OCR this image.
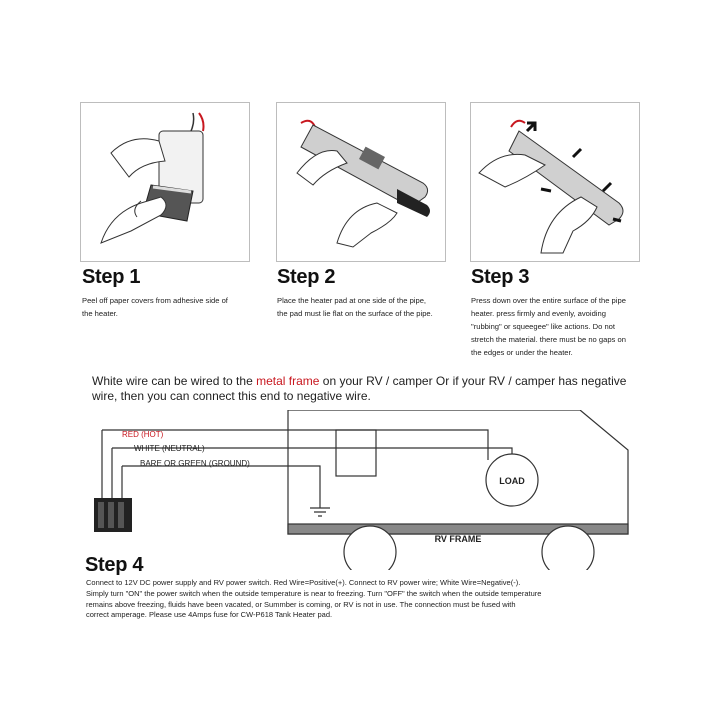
Step 1
Peel off paper covers from adhesive side of
the heater.
Step 2
Place the heater pad at one side of the pipe,
the pad must lie flat on the surface of the pipe.
Step 3
Press down over the entire surface of the pipe
heater. press firmly and evenly, avoiding
"rubbing" or squeegee" like actions. Do not
stretch the material. there must be no gaps on
the edges or under the heater.
White wire can be wired to the metal frame on your RV / camper Or if your RV / camper has negative wire, then you can connect this end to negative wire.
RED (HOT)
WHITE (NEUTRAL)
BARE OR GREEN (GROUND)
LOAD
RV FRAME
Step 4
Connect to 12V DC power supply and RV power switch. Red Wire=Positive(+). Connect to RV power wire; White Wire=Negative(-).
Simply turn "ON" the power switch when the outside temperature is near to freezing. Turn "OFF" the switch when the outside temperature
remains above freezing, fluids have been vacated, or Summber is coming, or RV is not in use. The connection must be fused with
correct amperage. Please use 4Amps fuse for CW-P618 Tank Heater pad.
